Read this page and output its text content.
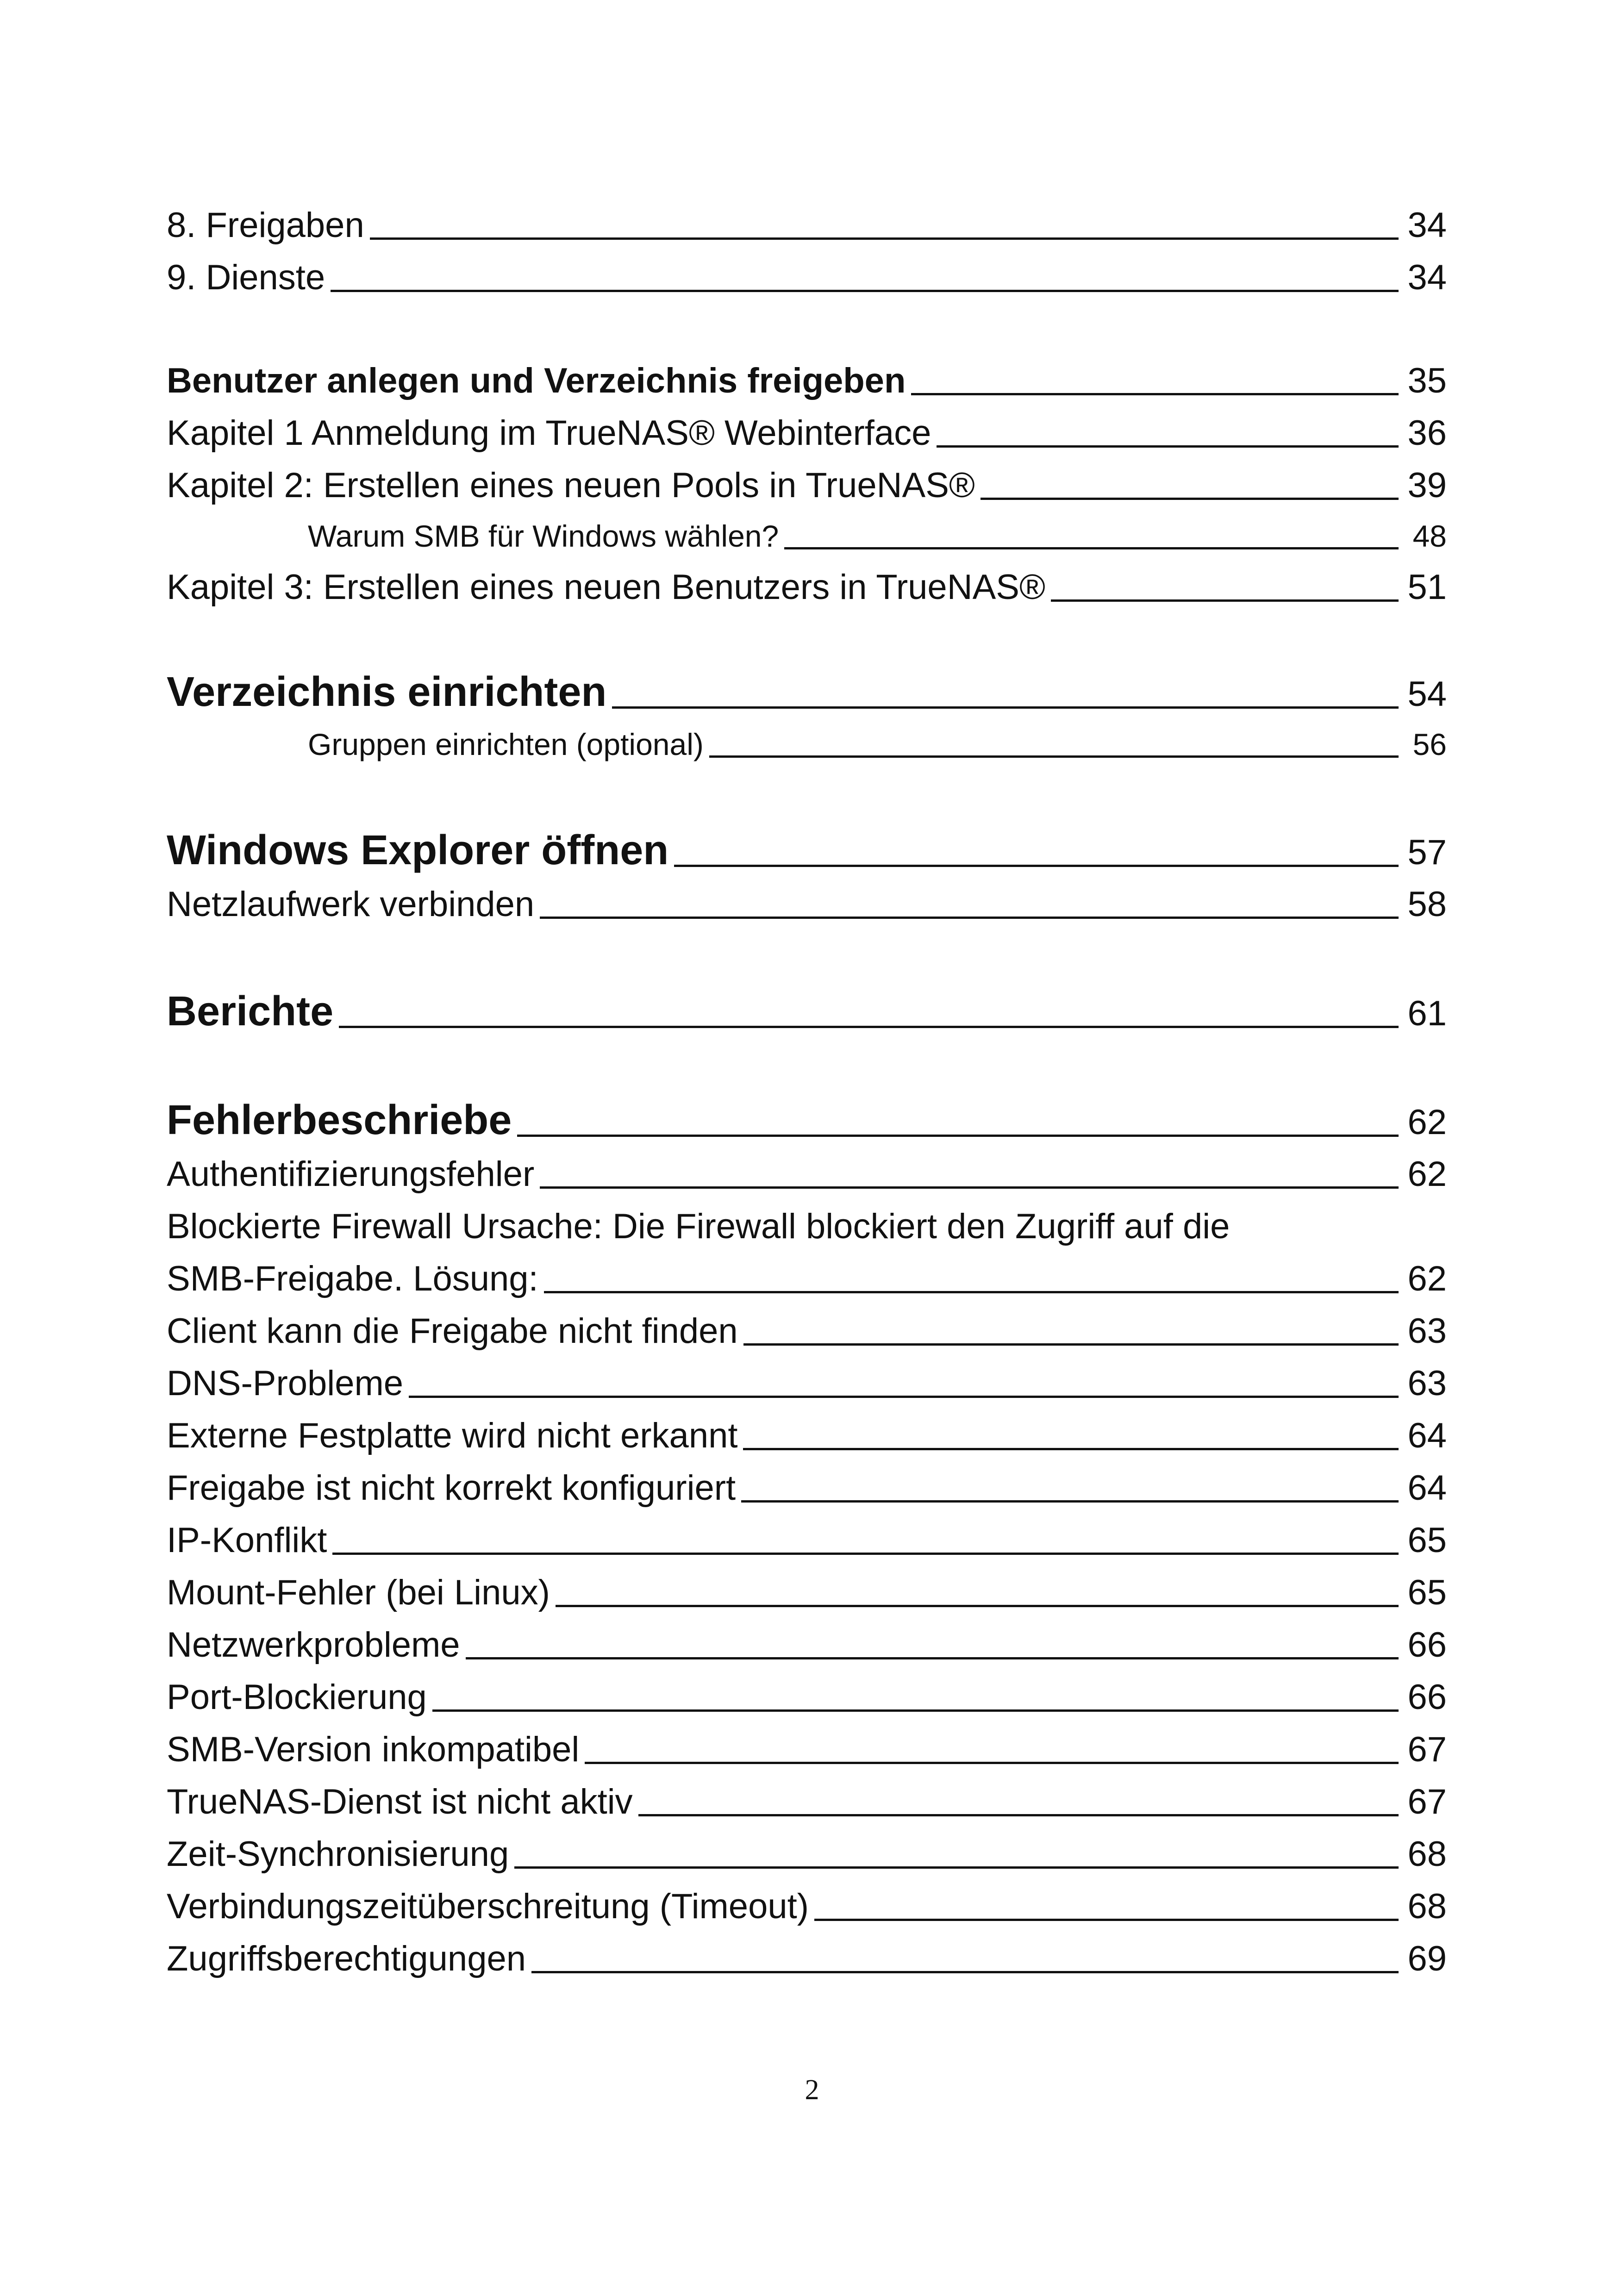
8. Freigaben	34
9. Dienste	34
Benutzer anlegen und Verzeichnis freigeben	35
Kapitel 1 Anmeldung im TrueNAS® Webinterface	36
Kapitel 2: Erstellen eines neuen Pools in TrueNAS®	39
Warum SMB für Windows wählen?	48
Kapitel 3: Erstellen eines neuen Benutzers in TrueNAS®	51
Verzeichnis einrichten	54
Gruppen einrichten (optional)	56
Windows Explorer öffnen	57
Netzlaufwerk verbinden	58
Berichte	61
Fehlerbeschriebe	62
Authentifizierungsfehler	62
Blockierte Firewall Ursache: Die Firewall blockiert den Zugriff auf die
SMB-Freigabe. Lösung:	62
Client kann die Freigabe nicht finden	63
DNS-Probleme	63
Externe Festplatte wird nicht erkannt	64
Freigabe ist nicht korrekt konfiguriert	64
IP-Konflikt	65
Mount-Fehler (bei Linux)	65
Netzwerkprobleme	66
Port-Blockierung	66
SMB-Version inkompatibel	67
TrueNAS-Dienst ist nicht aktiv	67
Zeit-Synchronisierung	68
Verbindungszeitüberschreitung (Timeout)	68
Zugriffsberechtigungen	69
2
